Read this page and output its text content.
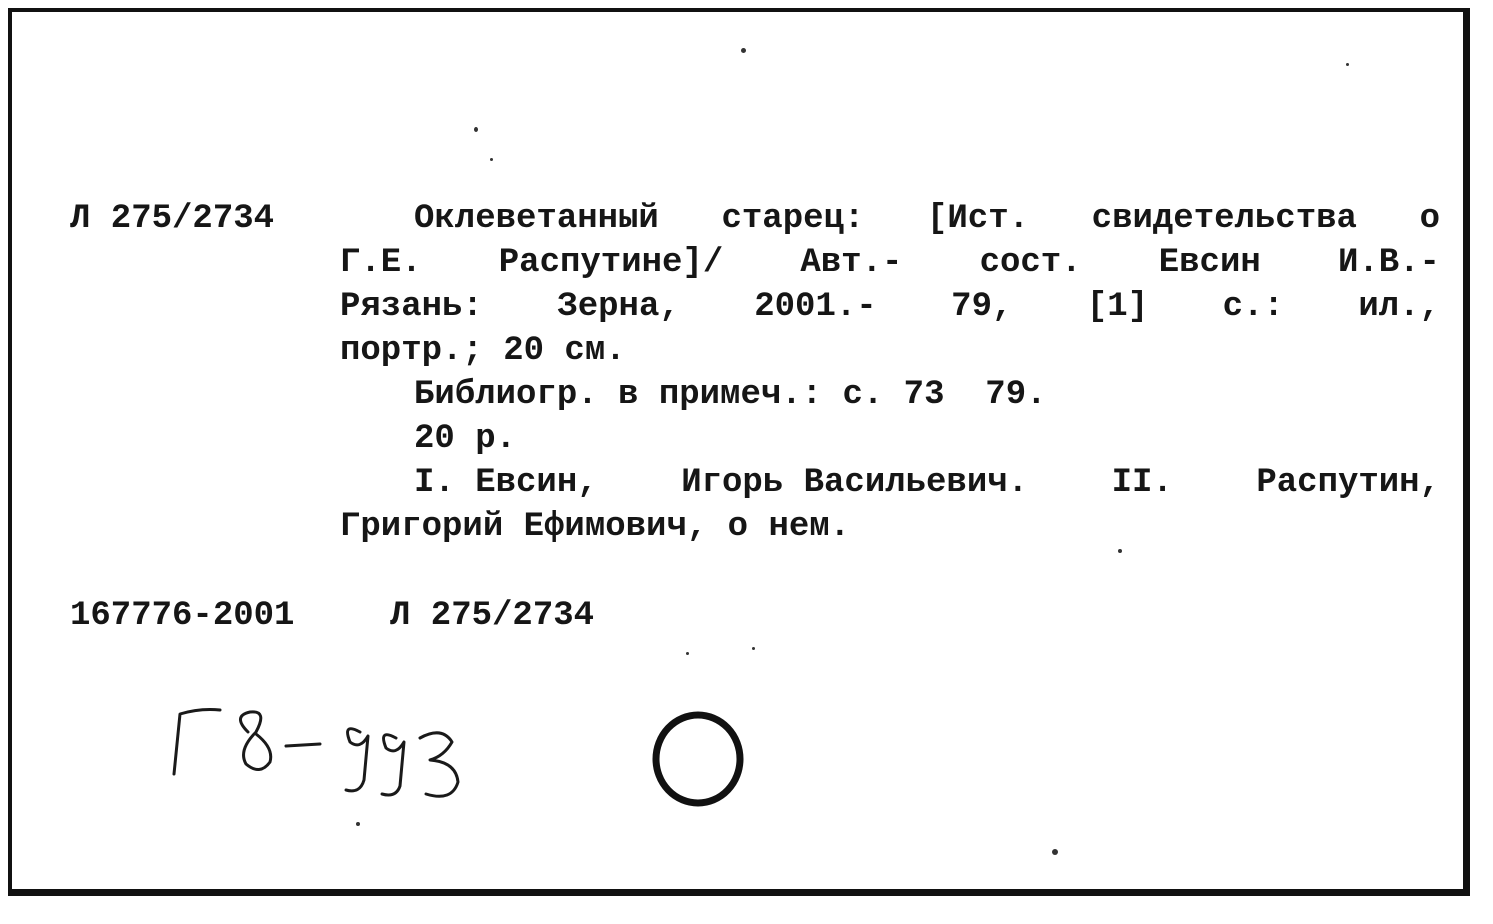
Л 275/2734	Оклеветанный старец: [Ист. свидетельства о
Г.Е. Распутине]/ Авт.- сост. Евсин И.В.-
Рязань: Зерна, 2001.- 79, [1] с.: ил.,
портр.; 20 см.
Библиогр. в примеч.: с. 73  79.
20 р.
I. Евсин, Игорь Васильевич. II. Распутин,
Григорий Ефимович, о нем.
167776-2001	Л 275/2734
